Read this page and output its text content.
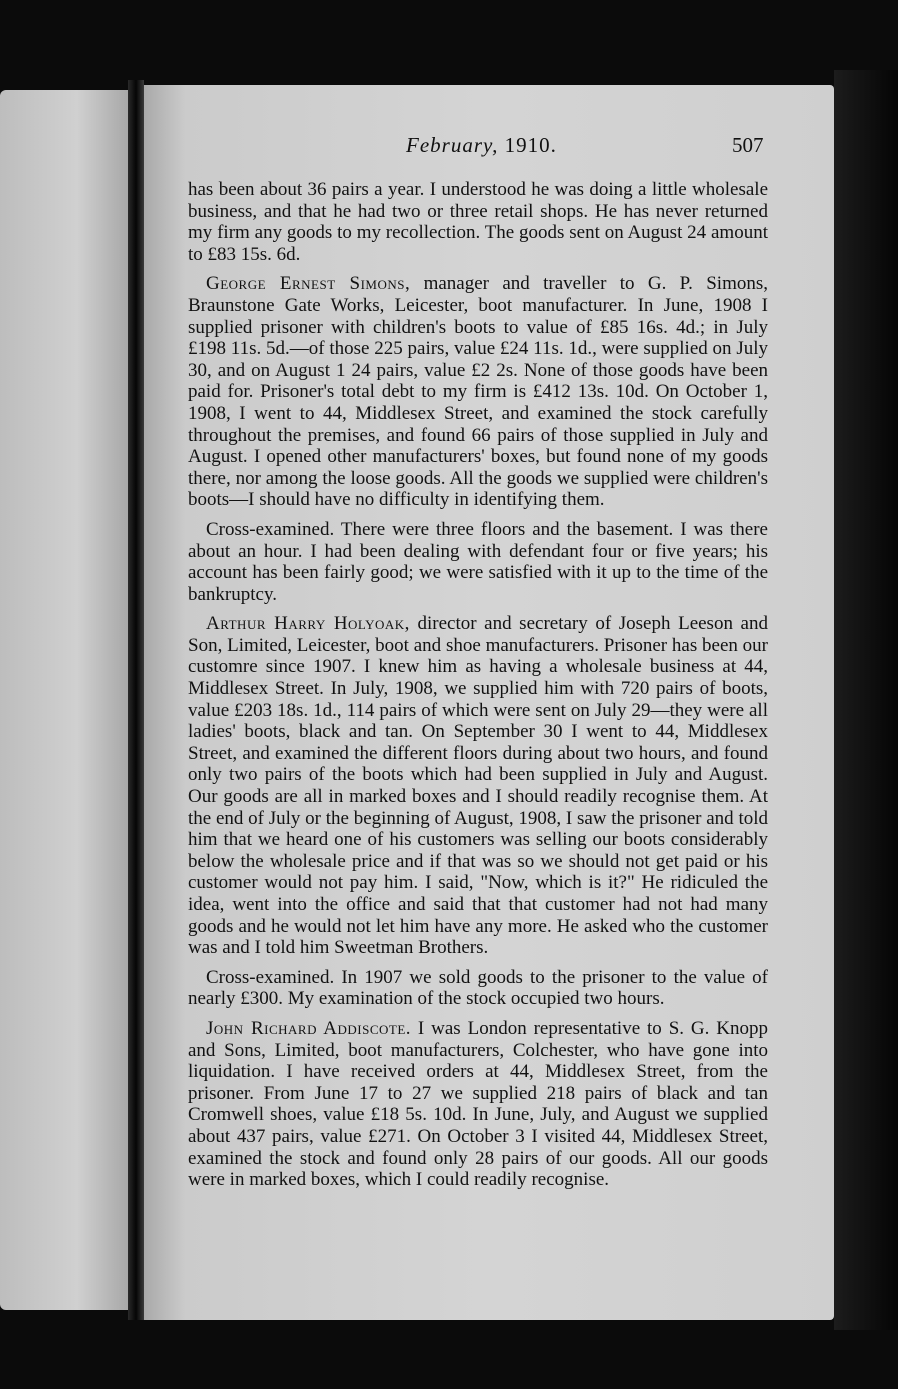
February, 1910.	507

has been about 36 pairs a year. I understood he was doing a little wholesale business, and that he had two or three retail shops. He has never returned my firm any goods to my recollection. The goods sent on August 24 amount to £83 15s. 6d.

George Ernest Simons, manager and traveller to G. P. Simons, Braunstone Gate Works, Leicester, boot manufacturer. In June, 1908 I supplied prisoner with children's boots to value of £85 16s. 4d.; in July £198 11s. 5d.—of those 225 pairs, value £24 11s. 1d., were supplied on July 30, and on August 1 24 pairs, value £2 2s. None of those goods have been paid for. Prisoner's total debt to my firm is £412 13s. 10d. On October 1, 1908, I went to 44, Middlesex Street, and examined the stock carefully throughout the premises, and found 66 pairs of those supplied in July and August. I opened other manufacturers' boxes, but found none of my goods there, nor among the loose goods. All the goods we supplied were children's boots—I should have no difficulty in identifying them.

Cross-examined. There were three floors and the basement. I was there about an hour. I had been dealing with defendant four or five years; his account has been fairly good; we were satisfied with it up to the time of the bankruptcy.

Arthur Harry Holyoak, director and secretary of Joseph Leeson and Son, Limited, Leicester, boot and shoe manufacturers. Prisoner has been our customre since 1907. I knew him as having a wholesale business at 44, Middlesex Street. In July, 1908, we supplied him with 720 pairs of boots, value £203 18s. 1d., 114 pairs of which were sent on July 29—they were all ladies' boots, black and tan. On September 30 I went to 44, Middlesex Street, and examined the different floors during about two hours, and found only two pairs of the boots which had been supplied in July and August. Our goods are all in marked boxes and I should readily recognise them. At the end of July or the beginning of August, 1908, I saw the prisoner and told him that we heard one of his customers was selling our boots considerably below the wholesale price and if that was so we should not get paid or his customer would not pay him. I said, "Now, which is it?" He ridiculed the idea, went into the office and said that that customer had not had many goods and he would not let him have any more. He asked who the customer was and I told him Sweetman Brothers.

Cross-examined. In 1907 we sold goods to the prisoner to the value of nearly £300. My examination of the stock occupied two hours.

John Richard Addiscote. I was London representative to S. G. Knopp and Sons, Limited, boot manufacturers, Colchester, who have gone into liquidation. I have received orders at 44, Middlesex Street, from the prisoner. From June 17 to 27 we supplied 218 pairs of black and tan Cromwell shoes, value £18 5s. 10d. In June, July, and August we supplied about 437 pairs, value £271. On October 3 I visited 44, Middlesex Street, examined the stock and found only 28 pairs of our goods. All our goods were in marked boxes, which I could readily recognise.
